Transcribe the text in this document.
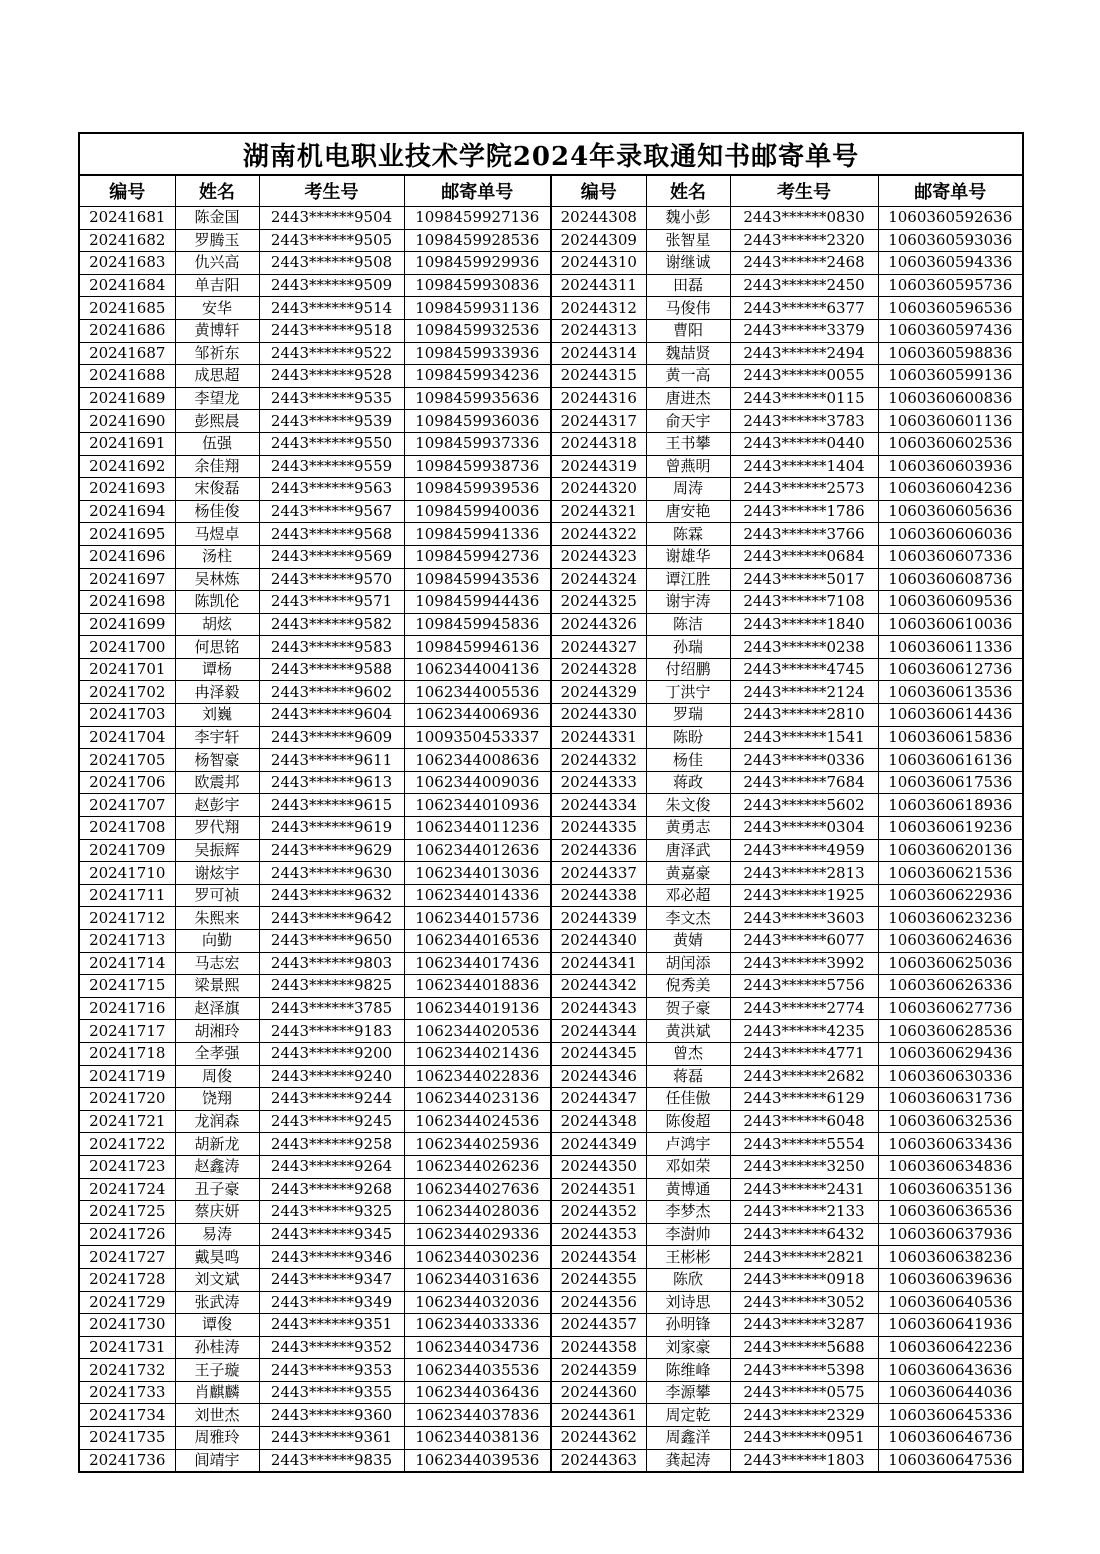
湖南机电职业技术学院2024年录取通知书邮寄单号							
编号	姓名	考生号	邮寄单号	编号	姓名	考生号	邮寄单号
20241681	陈金国	2443******9504	1098459927136	20244308	魏小彭	2443******0830	1060360592636
20241682	罗腾玉	2443******9505	1098459928536	20244309	张智星	2443******2320	1060360593036
20241683	仇兴高	2443******9508	1098459929936	20244310	谢继诚	2443******2468	1060360594336
20241684	单吉阳	2443******9509	1098459930836	20244311	田磊	2443******2450	1060360595736
20241685	安华	2443******9514	1098459931136	20244312	马俊伟	2443******6377	1060360596536
20241686	黄博轩	2443******9518	1098459932536	20244313	曹阳	2443******3379	1060360597436
20241687	邹祈东	2443******9522	1098459933936	20244314	魏喆贤	2443******2494	1060360598836
20241688	成思超	2443******9528	1098459934236	20244315	黄一高	2443******0055	1060360599136
20241689	李望龙	2443******9535	1098459935636	20244316	唐进杰	2443******0115	1060360600836
20241690	彭熙晨	2443******9539	1098459936036	20244317	俞天宇	2443******3783	1060360601136
20241691	伍强	2443******9550	1098459937336	20244318	王书攀	2443******0440	1060360602536
20241692	余佳翔	2443******9559	1098459938736	20244319	曾燕明	2443******1404	1060360603936
20241693	宋俊磊	2443******9563	1098459939536	20244320	周涛	2443******2573	1060360604236
20241694	杨佳俊	2443******9567	1098459940036	20244321	唐安艳	2443******1786	1060360605636
20241695	马煜卓	2443******9568	1098459941336	20244322	陈霖	2443******3766	1060360606036
20241696	汤柱	2443******9569	1098459942736	20244323	谢雄华	2443******0684	1060360607336
20241697	吴林炼	2443******9570	1098459943536	20244324	谭江胜	2443******5017	1060360608736
20241698	陈凯伦	2443******9571	1098459944436	20244325	谢宇涛	2443******7108	1060360609536
20241699	胡炫	2443******9582	1098459945836	20244326	陈洁	2443******1840	1060360610036
20241700	何思铭	2443******9583	1098459946136	20244327	孙瑞	2443******0238	1060360611336
20241701	谭杨	2443******9588	1062344004136	20244328	付绍鹏	2443******4745	1060360612736
20241702	冉泽毅	2443******9602	1062344005536	20244329	丁洪宁	2443******2124	1060360613536
20241703	刘巍	2443******9604	1062344006936	20244330	罗瑞	2443******2810	1060360614436
20241704	李宇轩	2443******9609	1009350453337	20244331	陈盼	2443******1541	1060360615836
20241705	杨智豪	2443******9611	1062344008636	20244332	杨佳	2443******0336	1060360616136
20241706	欧震邦	2443******9613	1062344009036	20244333	蒋政	2443******7684	1060360617536
20241707	赵彭宇	2443******9615	1062344010936	20244334	朱文俊	2443******5602	1060360618936
20241708	罗代翔	2443******9619	1062344011236	20244335	黄勇志	2443******0304	1060360619236
20241709	吴振辉	2443******9629	1062344012636	20244336	唐泽武	2443******4959	1060360620136
20241710	谢炫宇	2443******9630	1062344013036	20244337	黄嘉豪	2443******2813	1060360621536
20241711	罗可祯	2443******9632	1062344014336	20244338	邓必超	2443******1925	1060360622936
20241712	朱熙来	2443******9642	1062344015736	20244339	李文杰	2443******3603	1060360623236
20241713	向勤	2443******9650	1062344016536	20244340	黄婧	2443******6077	1060360624636
20241714	马志宏	2443******9803	1062344017436	20244341	胡闰添	2443******3992	1060360625036
20241715	梁景熙	2443******9825	1062344018836	20244342	倪秀美	2443******5756	1060360626336
20241716	赵泽旗	2443******3785	1062344019136	20244343	贺子豪	2443******2774	1060360627736
20241717	胡湘玲	2443******9183	1062344020536	20244344	黄洪斌	2443******4235	1060360628536
20241718	全孝强	2443******9200	1062344021436	20244345	曾杰	2443******4771	1060360629436
20241719	周俊	2443******9240	1062344022836	20244346	蒋磊	2443******2682	1060360630336
20241720	饶翔	2443******9244	1062344023136	20244347	任佳傲	2443******6129	1060360631736
20241721	龙润森	2443******9245	1062344024536	20244348	陈俊超	2443******6048	1060360632536
20241722	胡新龙	2443******9258	1062344025936	20244349	卢鸿宇	2443******5554	1060360633436
20241723	赵鑫涛	2443******9264	1062344026236	20244350	邓如荣	2443******3250	1060360634836
20241724	丑子豪	2443******9268	1062344027636	20244351	黄博通	2443******2431	1060360635136
20241725	蔡庆妍	2443******9325	1062344028036	20244352	李梦杰	2443******2133	1060360636536
20241726	易涛	2443******9345	1062344029336	20244353	李澍帅	2443******6432	1060360637936
20241727	戴昊鸣	2443******9346	1062344030236	20244354	王彬彬	2443******2821	1060360638236
20241728	刘文斌	2443******9347	1062344031636	20244355	陈欣	2443******0918	1060360639636
20241729	张武涛	2443******9349	1062344032036	20244356	刘诗思	2443******3052	1060360640536
20241730	谭俊	2443******9351	1062344033336	20244357	孙明锋	2443******3287	1060360641936
20241731	孙桂涛	2443******9352	1062344034736	20244358	刘家豪	2443******5688	1060360642236
20241732	王子璇	2443******9353	1062344035536	20244359	陈维峰	2443******5398	1060360643636
20241733	肖麒麟	2443******9355	1062344036436	20244360	李源攀	2443******0575	1060360644036
20241734	刘世杰	2443******9360	1062344037836	20244361	周定乾	2443******2329	1060360645336
20241735	周雅玲	2443******9361	1062344038136	20244362	周鑫洋	2443******0951	1060360646736
20241736	闾靖宇	2443******9835	1062344039536	20244363	龚起涛	2443******1803	1060360647536
